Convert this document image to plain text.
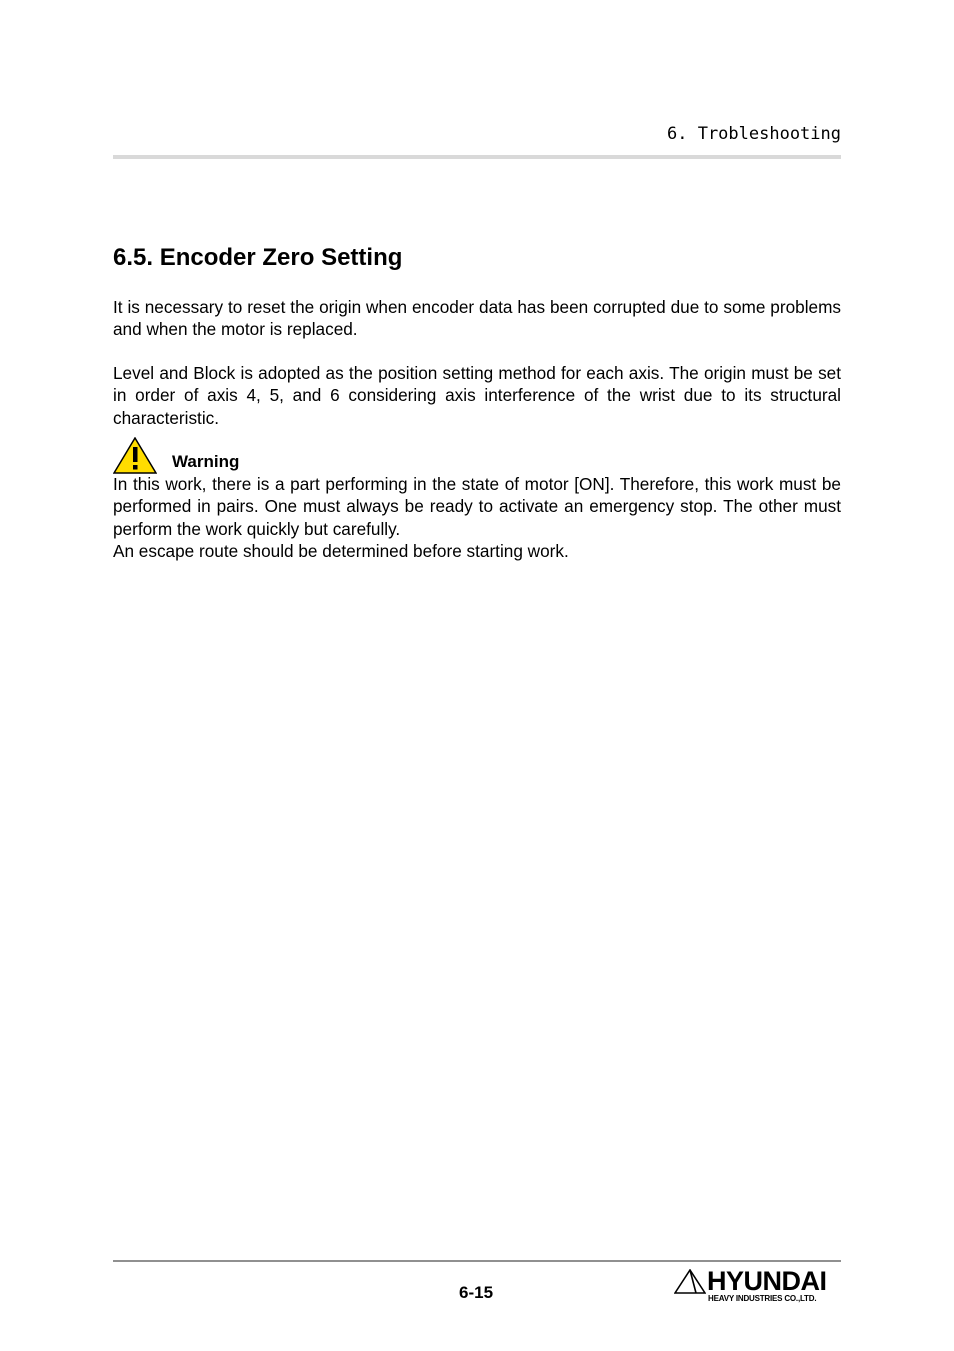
6. Trobleshooting
6.5. Encoder Zero Setting
It is necessary to reset the origin when encoder data has been corrupted due to some problems and when the motor is replaced.
Level and Block is adopted as the position setting method for each axis. The origin must be set in order of axis 4, 5, and 6 considering axis interference of the wrist due to its structural characteristic.
Warning
In this work, there is a part performing in the state of motor [ON]. Therefore, this work must be performed in pairs. One must always be ready to activate an emergency stop. The other must perform the work quickly but carefully.
An escape route should be determined before starting work.
6-15	HYUNDAI
HEAVY INDUSTRIES CO.,LTD.
